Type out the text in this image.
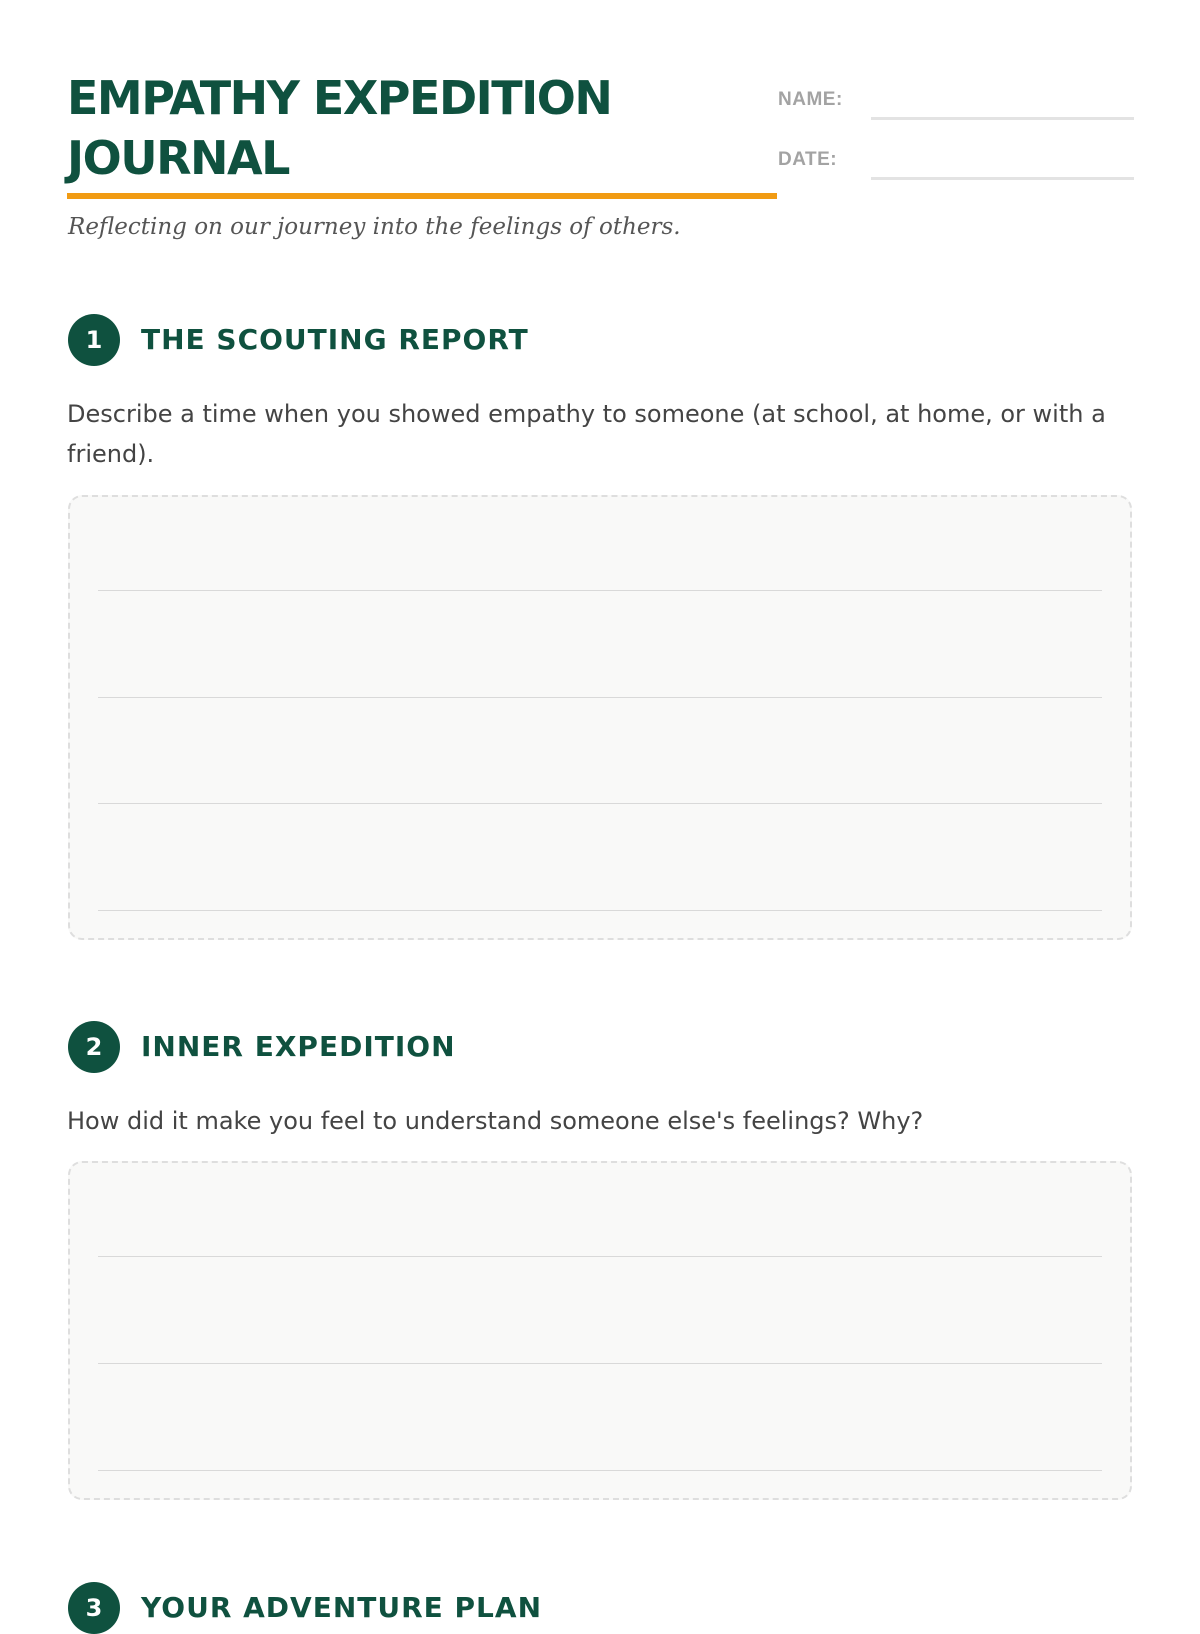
EMPATHY EXPEDITION
JOURNAL
Reflecting on our journey into the feelings of others.
NAME:
DATE:
1	THE SCOUTING REPORT
Describe a time when you showed empathy to someone (at school, at home, or with a friend).
2	INNER EXPEDITION
How did it make you feel to understand someone else's feelings? Why?
3	YOUR ADVENTURE PLAN
